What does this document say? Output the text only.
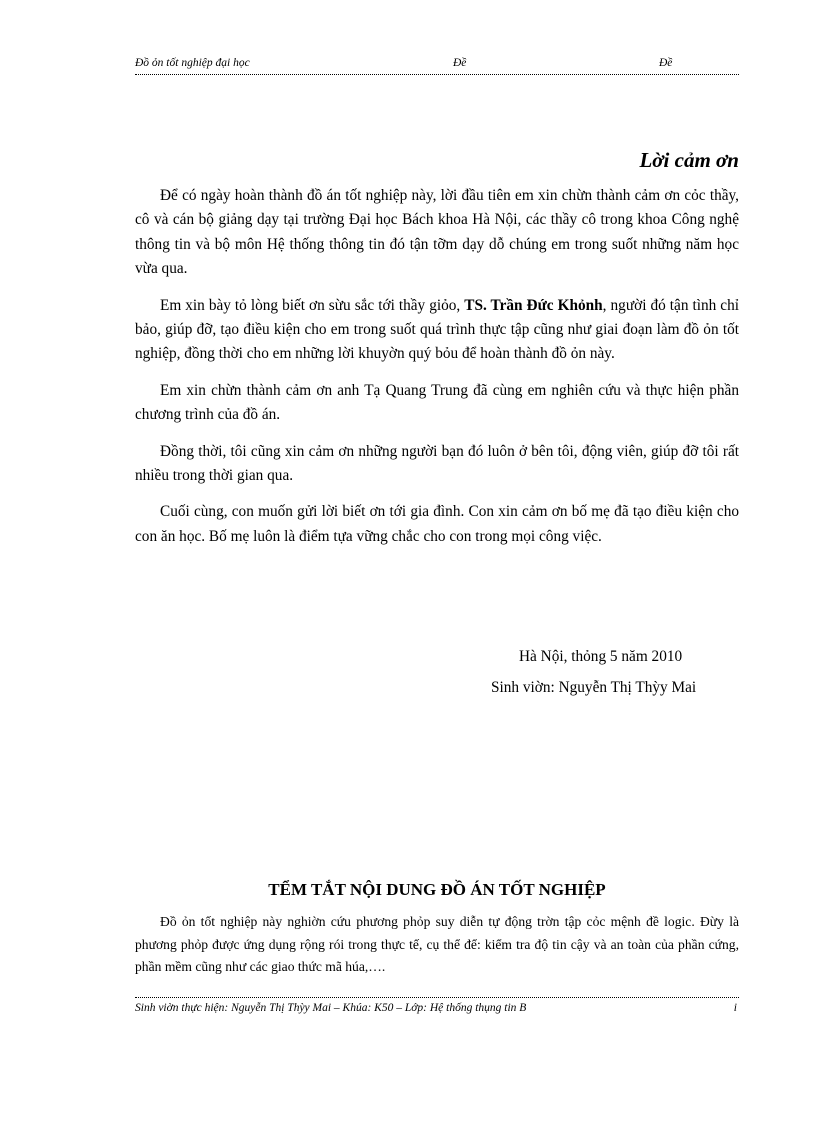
Đồ ỏn tốt nghiệp đại học	Đề	Đề
Lời cảm ơn

Để có ngày hoàn thành đồ án tốt nghiệp này, lời đầu tiên em xin chừn thành cảm ơn cỏc thầy, cô và cán bộ giảng dạy tại trường Đại học Bách khoa Hà Nội, các thầy cô trong khoa Công nghệ thông tin và bộ môn Hệ thống thông tin đó tận tỡm dạy dỗ chúng em trong suốt những năm học vừa qua.

Em xin bày tỏ lòng biết ơn sừu sắc tới thầy giỏo, TS. Trần Đức Khỏnh, người đó tận tình chỉ bảo, giúp đỡ, tạo điều kiện cho em trong suốt quá trình thực tập cũng như giai đoạn làm đồ ỏn tốt nghiệp, đồng thời cho em những lời khuyờn quý bỏu để hoàn thành đồ ỏn này.

Em xin chừn thành cảm ơn anh Tạ Quang Trung đã cùng em nghiên cứu và thực hiện phần chương trình của đồ án.

Đồng thời, tôi cũng xin cảm ơn những người bạn đó luôn ở bên tôi, động viên, giúp đỡ tôi rất nhiều trong thời gian qua.

Cuối cùng, con muốn gửi lời biết ơn tới gia đình. Con xin cảm ơn bố mẹ đã tạo điều kiện cho con ăn học. Bố mẹ luôn là điểm tựa vững chắc cho con trong mọi công việc.

Hà Nội, thỏng 5 năm 2010
Sinh viờn: Nguyễn Thị Thỳy Mai
TỂM TẮT NỘI DUNG ĐỒ ÁN TỐT NGHIỆP

Đồ ỏn tốt nghiệp này nghiờn cứu phương phỏp suy diễn tự động trờn tập cỏc mệnh đề logic. Đừy là phương phỏp được ứng dụng rộng rói trong thực tế, cụ thể để: kiểm tra độ tin cậy và an toàn của phần cứng, phần mềm cũng như các giao thức mã húa,….

Sinh viờn thực hiện: Nguyễn Thị Thỳy Mai – Khúa: K50 – Lớp: Hệ thống thụng tin B	i
